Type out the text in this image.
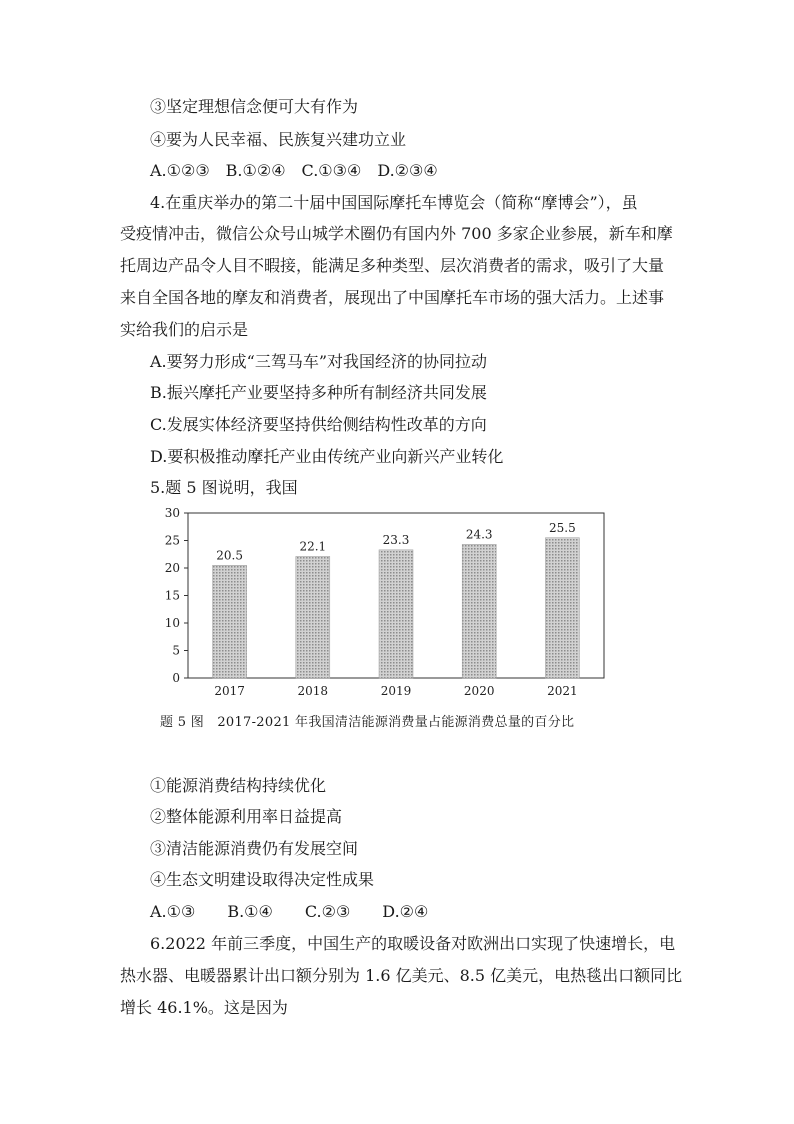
③坚定理想信念便可大有作为
④要为人民幸福、民族复兴建功立业
A.①②③　B.①②④　C.①③④　D.②③④
4.在重庆举办的第二十届中国国际摩托车博览会（简称“摩博会”），虽
受疫情冲击，微信公众号山城学术圈仍有国内外 700 多家企业参展，新车和摩
托周边产品令人目不暇接，能满足多种类型、层次消费者的需求，吸引了大量
来自全国各地的摩友和消费者，展现出了中国摩托车市场的强大活力。上述事
实给我们的启示是
A.要努力形成“三驾马车”对我国经济的协同拉动
B.振兴摩托产业要坚持多种所有制经济共同发展
C.发展实体经济要坚持供给侧结构性改革的方向
D.要积极推动摩托产业由传统产业向新兴产业转化
5.题 5 图说明，我国
0
5
10
15
20
25
30
20.5
22.1	23.3	24.3	25.5
2017	2018	2019	2020	2021
题 5 图　2017-2021 年我国清洁能源消费量占能源消费总量的百分比
①能源消费结构持续优化
②整体能源利用率日益提高
③清洁能源消费仍有发展空间
④生态文明建设取得决定性成果
A.①③　　B.①④　　C.②③　　D.②④
6.2022 年前三季度，中国生产的取暖设备对欧洲出口实现了快速增长，电
热水器、电暖器累计出口额分别为 1.6 亿美元、8.5 亿美元，电热毯出口额同比
增长 46.1%。这是因为
